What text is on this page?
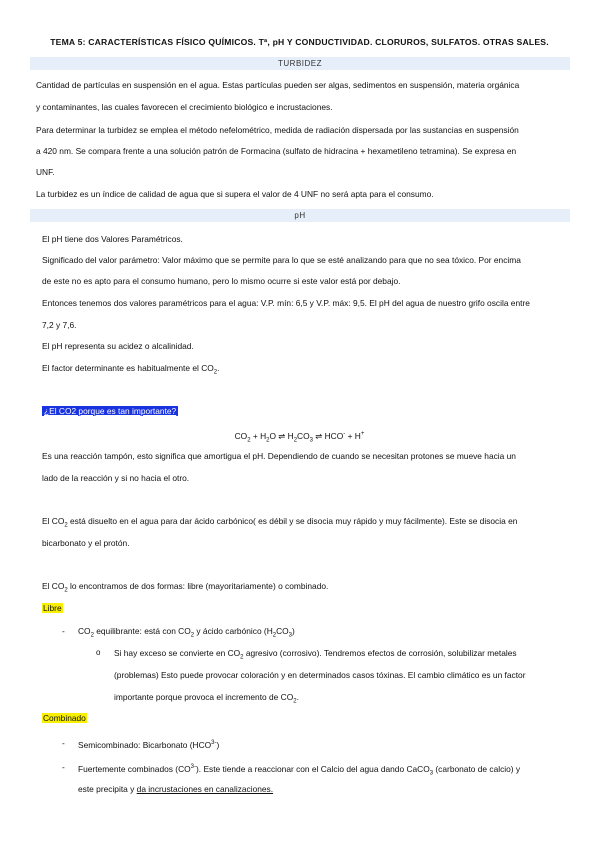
TEMA 5: CARACTERÍSTICAS FÍSICO QUÍMICOS. Tª, pH Y CONDUCTIVIDAD. CLORUROS, SULFATOS. OTRAS SALES.
TURBIDEZ
Cantidad de partículas en suspensión en el agua. Estas partículas pueden ser algas, sedimentos en suspensión, materia orgánica
y contaminantes, las cuales favorecen el crecimiento biológico e incrustaciones.
Para determinar la turbidez se emplea el método nefelométrico, medida de radiación dispersada por las sustancias en suspensión
a 420 nm. Se compara frente a una solución patrón de Formacina (sulfato de hidracina + hexametileno tetramina). Se expresa en
UNF.
La turbidez es un índice de calidad de agua que si supera el valor de 4 UNF no será apta para el consumo.
pH
El pH tiene dos Valores Paramétricos.
Significado del valor parámetro: Valor máximo que se permite para lo que se esté analizando para que no sea tóxico. Por encima
de este no es apto para el consumo humano, pero lo mismo ocurre si este valor está por debajo.
Entonces tenemos dos valores paramétricos para el agua: V.P. mín: 6,5 y V.P. máx: 9,5. El pH del agua de nuestro grifo oscila entre
7,2 y 7,6.
El pH representa su acidez o alcalinidad.
El factor determinante es habitualmente el $CO_2$.
¿El CO2 porque es tan importante?
$CO_2 + H_2O$ ⇌ $H_2CO_3$ ⇌ HCO- + H+
Es una reacción tampón, esto significa que amortigua el pH. Dependiendo de cuando se necesitan protones se mueve hacia un
lado de la reacción y si no hacia el otro.
El $CO_2$ está disuelto en el agua para dar ácido carbónico( es débil y se disocia muy rápido y muy fácilmente). Este se disocia en
bicarbonato y el protón.
El $CO_2$ lo encontramos de dos formas: libre (mayoritariamente) o combinado.
Libre
- $CO_2$ equilibrante: está con $CO_2$ y ácido carbónico $(H_2CO_3)$
o Si hay exceso se convierte en $CO_2$ agresivo (corrosivo). Tendremos efectos de corrosión, solubilizar metales
(problemas) Esto puede provocar coloración y en determinados casos tóxinas. El cambio climático es un factor
importante porque provoca el incremento de $CO_2$.
Combinado
- Semicombinado: Bicarbonato $(HCO^{3-})$
- Fuertemente combinados $(CO^{3-})$. Este tiende a reaccionar con el Calcio del agua dando CaCO$_3$ (carbonato de calcio) y
este precipita y da incrustaciones en canalizaciones.
